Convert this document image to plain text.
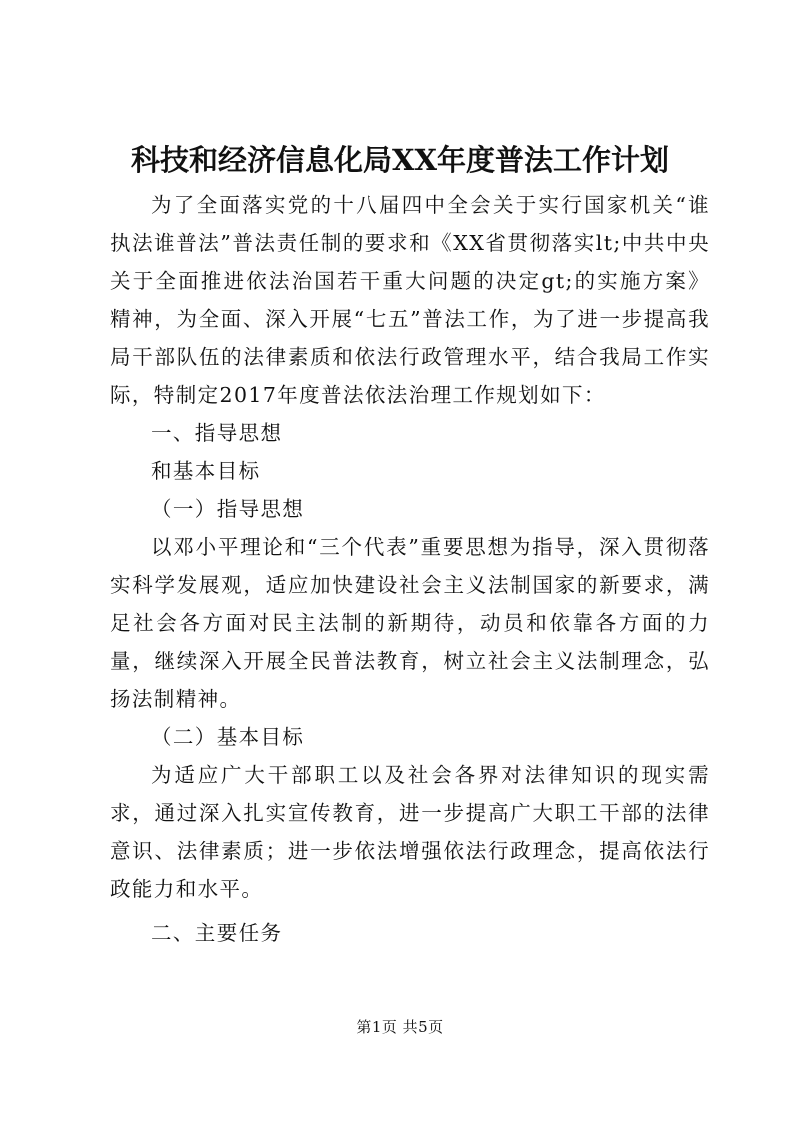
科技和经济信息化局XX年度普法工作计划

为了全面落实党的十八届四中全会关于实行国家机关“谁执法谁普法”普法责任制的要求和《XX省贯彻落实lt;中共中央关于全面推进依法治国若干重大问题的决定gt;的实施方案》精神，为全面、深入开展“七五”普法工作，为了进一步提高我局干部队伍的法律素质和依法行政管理水平，结合我局工作实际，特制定2017年度普法依法治理工作规划如下：

一、指导思想

和基本目标

（一）指导思想

以邓小平理论和“三个代表”重要思想为指导，深入贯彻落实科学发展观，适应加快建设社会主义法制国家的新要求，满足社会各方面对民主法制的新期待，动员和依靠各方面的力量，继续深入开展全民普法教育，树立社会主义法制理念，弘扬法制精神。

（二）基本目标

为适应广大干部职工以及社会各界对法律知识的现实需求，通过深入扎实宣传教育，进一步提高广大职工干部的法律意识、法律素质；进一步依法增强依法行政理念，提高依法行政能力和水平。

二、主要任务

第1页 共5页
